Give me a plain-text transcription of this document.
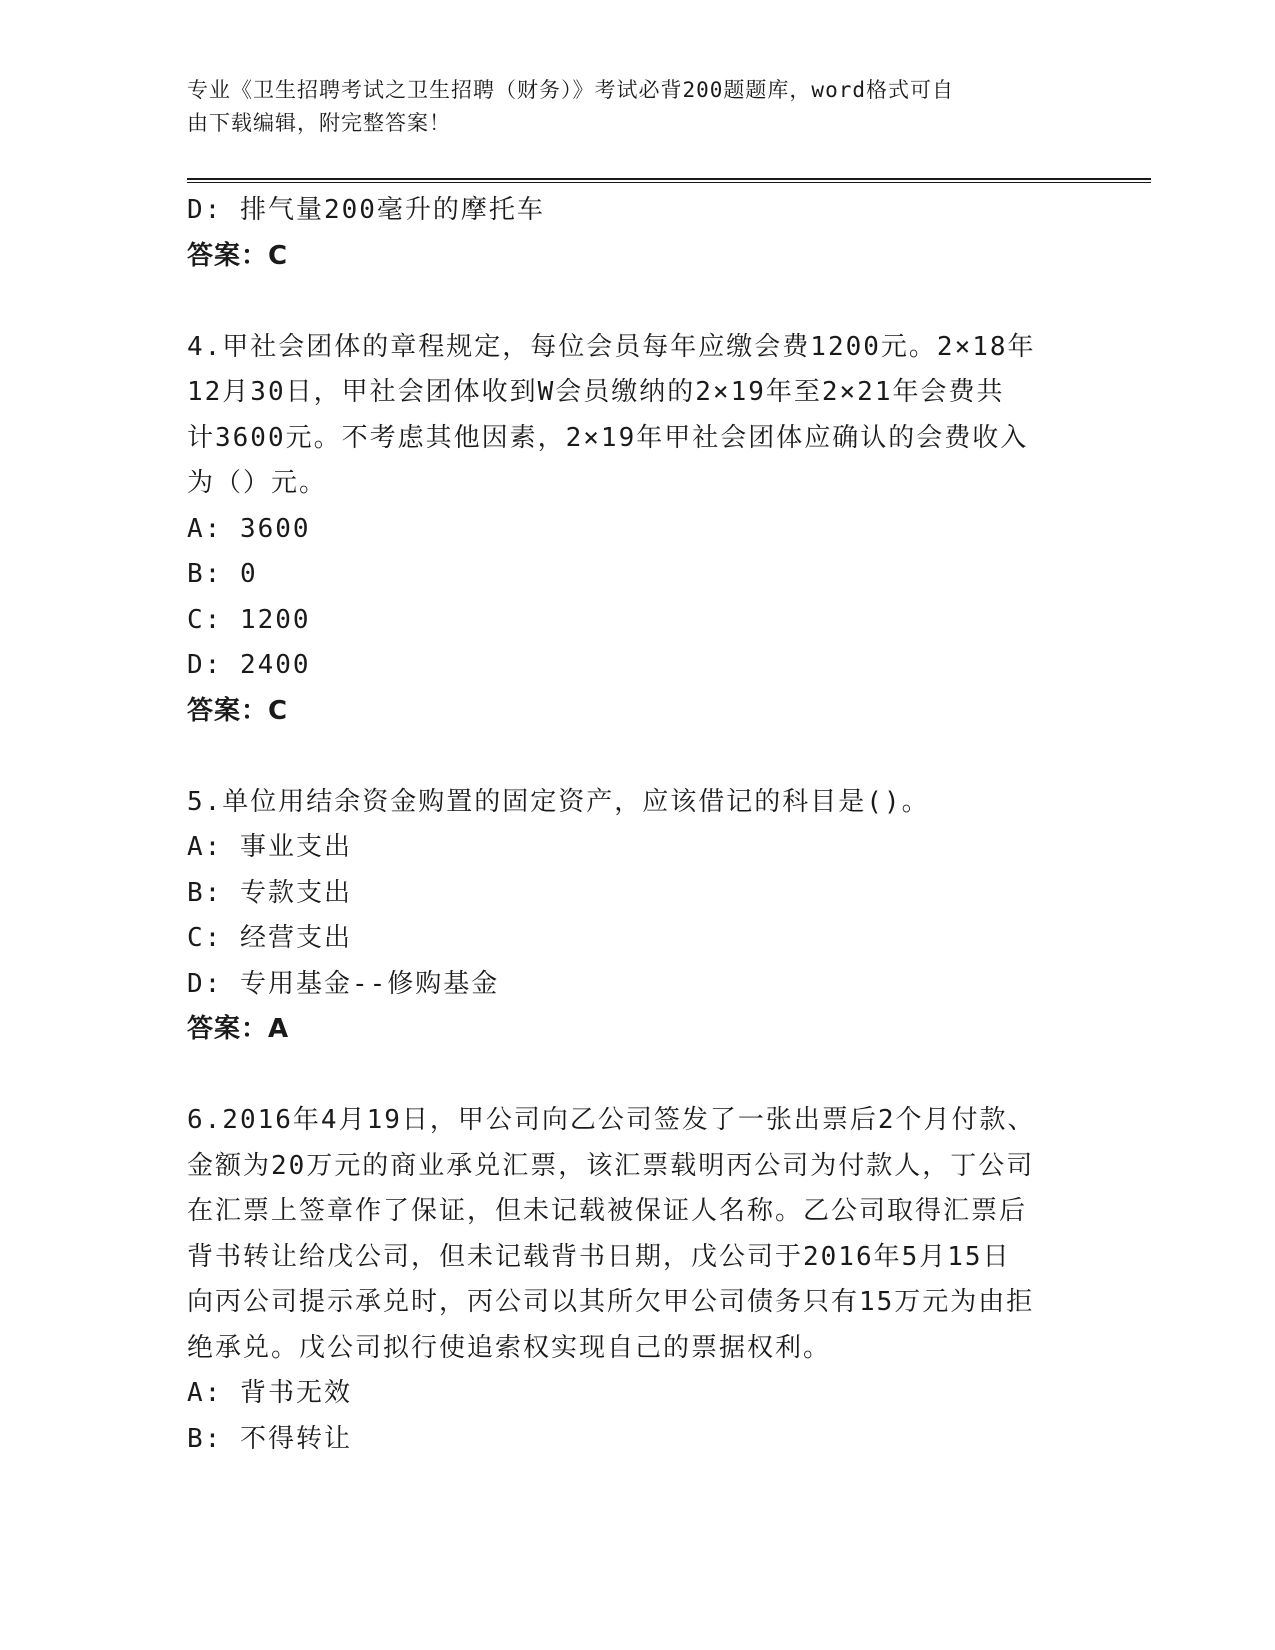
专业《卫生招聘考试之卫生招聘（财务）》考试必背200题题库，word格式可自
由下载编辑，附完整答案！
D: 排气量200毫升的摩托车
答案：C
4.甲社会团体的章程规定，每位会员每年应缴会费1200元。2×18年
12月30日，甲社会团体收到W会员缴纳的2×19年至2×21年会费共
计3600元。不考虑其他因素，2×19年甲社会团体应确认的会费收入
为（）元。
A: 3600
B: 0
C: 1200
D: 2400
答案：C
5.单位用结余资金购置的固定资产，应该借记的科目是()。
A: 事业支出
B: 专款支出
C: 经营支出
D: 专用基金--修购基金
答案：A
6.2016年4月19日，甲公司向乙公司签发了一张出票后2个月付款、
金额为20万元的商业承兑汇票，该汇票载明丙公司为付款人，丁公司
在汇票上签章作了保证，但未记载被保证人名称。乙公司取得汇票后
背书转让给戊公司，但未记载背书日期，戊公司于2016年5月15日
向丙公司提示承兑时，丙公司以其所欠甲公司债务只有15万元为由拒
绝承兑。戊公司拟行使追索权实现自己的票据权利。
A: 背书无效
B: 不得转让
